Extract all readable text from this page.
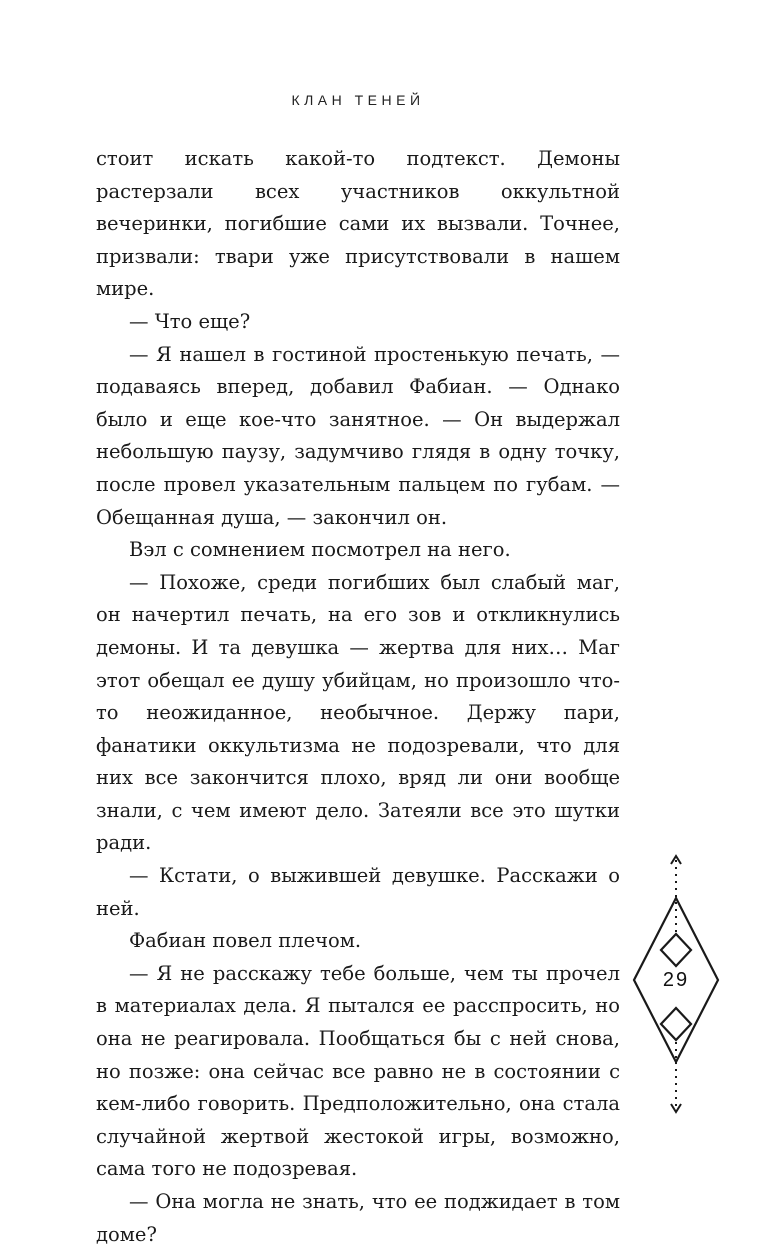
КЛАН ТЕНЕЙ

стоит искать какой-то подтекст. Демоны растерзали всех участников оккультной вечеринки, погибшие сами их вызвали. Точнее, призвали: твари уже присутствовали в нашем мире.

— Что еще?

— Я нашел в гостиной простенькую печать, — подаваясь вперед, добавил Фабиан. — Однако было и еще кое-что занятное. — Он выдержал небольшую паузу, задумчиво глядя в одну точку, после провел указательным пальцем по губам. — Обещанная душа, — закончил он.

Вэл с сомнением посмотрел на него.

— Похоже, среди погибших был слабый маг, он начертил печать, на его зов и откликнулись демоны. И та девушка — жертва для них… Маг этот обещал ее душу убийцам, но произошло что-то неожиданное, необычное. Держу пари, фанатики оккультизма не подозревали, что для них все закончится плохо, вряд ли они вообще знали, с чем имеют дело. Затеяли все это шутки ради.

— Кстати, о выжившей девушке. Расскажи о ней.

Фабиан повел плечом.

— Я не расскажу тебе больше, чем ты прочел в материалах дела. Я пытался ее расспросить, но она не реагировала. Пообщаться бы с ней снова, но позже: она сейчас все равно не в состоянии с кем-либо говорить. Предположительно, она стала случайной жертвой жестокой игры, возможно, сама того не подозревая.

— Она могла не знать, что ее поджидает в том доме?

29
